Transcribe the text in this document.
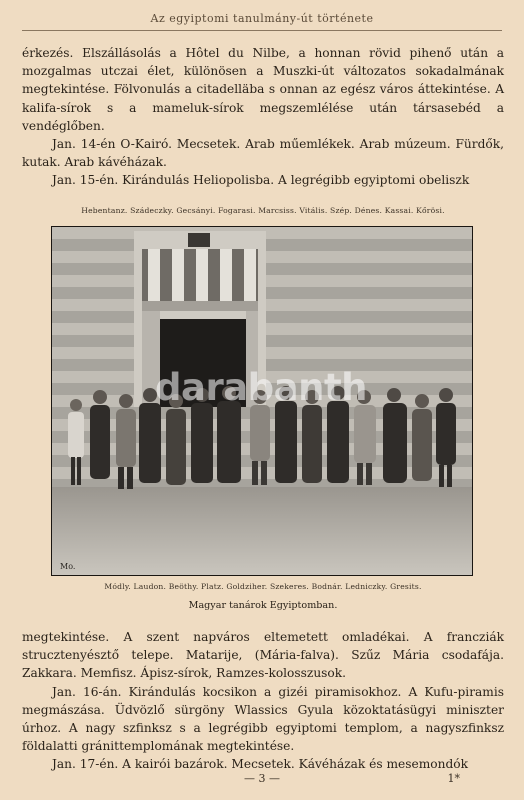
Az egyiptomi tanulmány-út története

érkezés. Elszállásolás a Hôtel du Nilbe, a honnan rövid pihenő után a mozgalmas utczai élet, különösen a Muszki-út változatos sokadalmának megtekintése. Fölvonulás a citadelläba s onnan az egész város áttekintése. A kalifa-sírok s a mameluk-sírok megszemlélése után társasebéd a vendéglőben.

Jan. 14-én O-Kairó. Mecsetek. Arab műemlékek. Arab múzeum. Fürdők, kutak. Arab kávéházak.

Jan. 15-én. Kirándulás Heliopolisba. A legrégibb egyiptomi obeliszk

Hebentanz. Szádeczky. Gecsányi. Fogarasi. Marcsiss. Vitális. Szép. Dénes. Kassai. Kőrösi.
Mo.
darabanth
Módly. Laudon. Beöthy. Platz. Goldziher. Szekeres. Bodnár. Ledniczky. Gresits.
Magyar tanárok Egyiptomban.

megtekintése. A szent napváros eltemetett omladékai. A francziák strucztenyésztő telepe. Matarije, (Mária-falva). Szűz Mária csodafája. Zakkara. Memfisz. Ápisz-sírok, Ramzes-kolosszusok.

Jan. 16-án. Kirándulás kocsikon a gizéi piramisokhoz. A Kufu-piramis megmászása. Üdvözlő sürgöny Wlassics Gyula közoktatásügyi miniszter úrhoz. A nagy szfinksz s a legrégibb egyiptomi templom, a nagyszfinksz földalatti gránittemplomának megtekintése.

Jan. 17-én. A kairói bazárok. Mecsetek. Kávéházak és mesemondók

— 3 —	1*
